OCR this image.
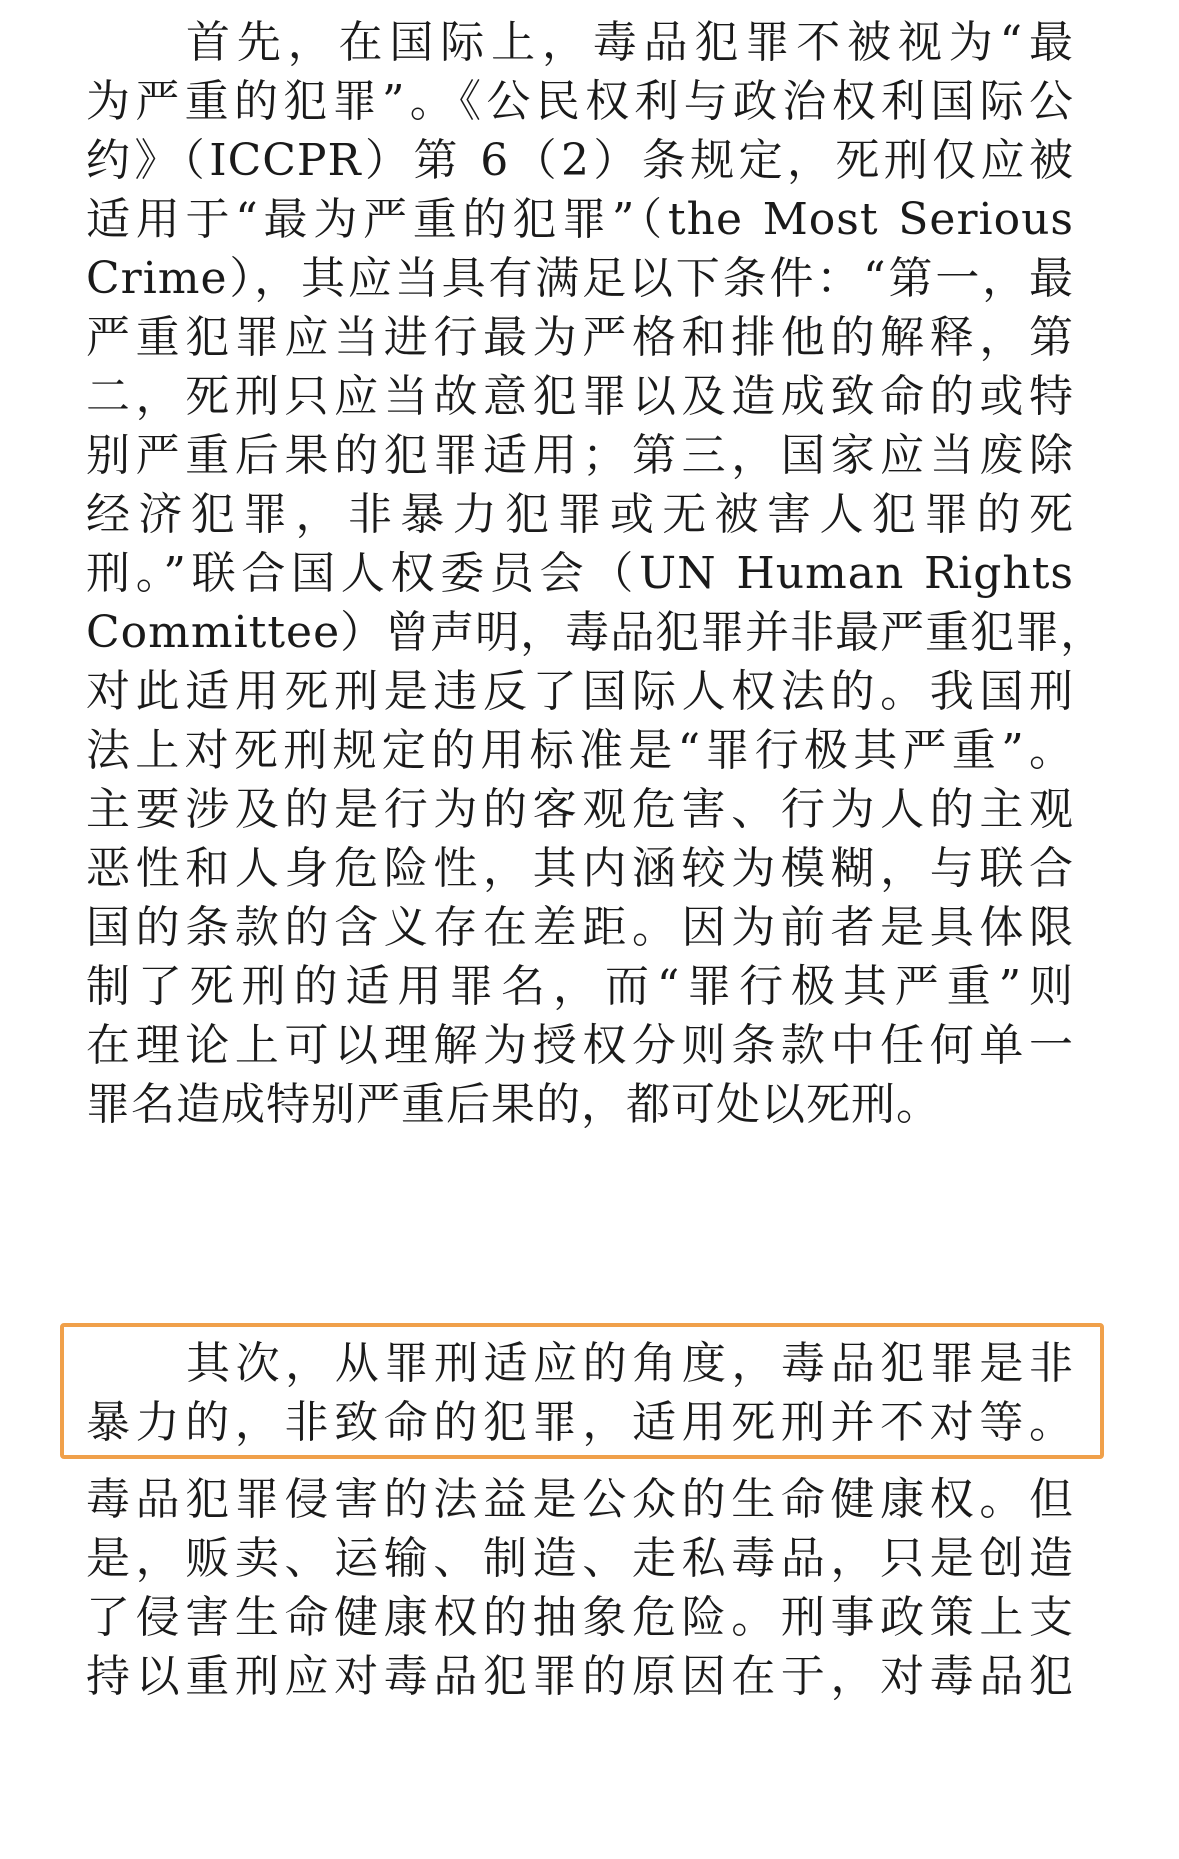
首先，在国际上，毒品犯罪不被视为“最
为严重的犯罪”。《公民权利与政治权利国际公
约》（ICCPR）第 6（2）条规定，死刑仅应被
适用于“最为严重的犯罪”（the Most Serious
Crime），其应当具有满足以下条件：“第一，最
严重犯罪应当进行最为严格和排他的解释，第
二，死刑只应当故意犯罪以及造成致命的或特
别严重后果的犯罪适用；第三，国家应当废除
经济犯罪，非暴力犯罪或无被害人犯罪的死
刑。”联合国人权委员会（UN Human Rights
Committee）曾声明，毒品犯罪并非最严重犯罪，
对此适用死刑是违反了国际人权法的。我国刑
法上对死刑规定的用标准是“罪行极其严重”。
主要涉及的是行为的客观危害、行为人的主观
恶性和人身危险性，其内涵较为模糊，与联合
国的条款的含义存在差距。因为前者是具体限
制了死刑的适用罪名，而“罪行极其严重”则
在理论上可以理解为授权分则条款中任何单一
罪名造成特别严重后果的，都可处以死刑。
其次，从罪刑适应的角度，毒品犯罪是非
暴力的，非致命的犯罪，适用死刑并不对等。
毒品犯罪侵害的法益是公众的生命健康权。但
是，贩卖、运输、制造、走私毒品，只是创造
了侵害生命健康权的抽象危险。刑事政策上支
持以重刑应对毒品犯罪的原因在于，对毒品犯
